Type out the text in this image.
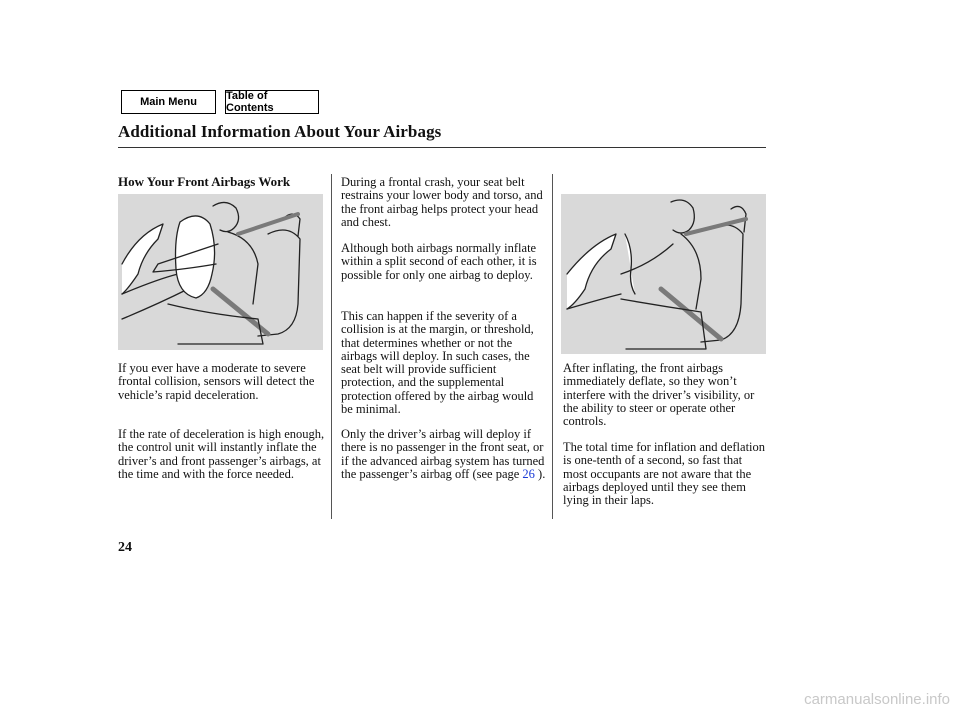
Main Menu	Table of Contents
Additional Information About Your Airbags
How Your Front Airbags Work

If you ever have a moderate to severe frontal collision, sensors will detect the vehicle’s rapid deceleration.

If the rate of deceleration is high enough, the control unit will instantly inflate the driver’s and front passenger’s airbags, at the time and with the force needed.

During a frontal crash, your seat belt restrains your lower body and torso, and the front airbag helps protect your head and chest.

Although both airbags normally inflate within a split second of each other, it is possible for only one airbag to deploy.

This can happen if the severity of a collision is at the margin, or threshold, that determines whether or not the airbags will deploy. In such cases, the seat belt will provide sufficient protection, and the supplemental protection offered by the airbag would be minimal.

Only the driver’s airbag will deploy if there is no passenger in the front seat, or if the advanced airbag system has turned the passenger’s airbag off (see page 26 ).

After inflating, the front airbags immediately deflate, so they won’t interfere with the driver’s visibility, or the ability to steer or operate other controls.

The total time for inflation and deflation is one-tenth of a second, so fast that most occupants are not aware that the airbags deployed until they see them lying in their laps.

24
carmanualsonline.info
